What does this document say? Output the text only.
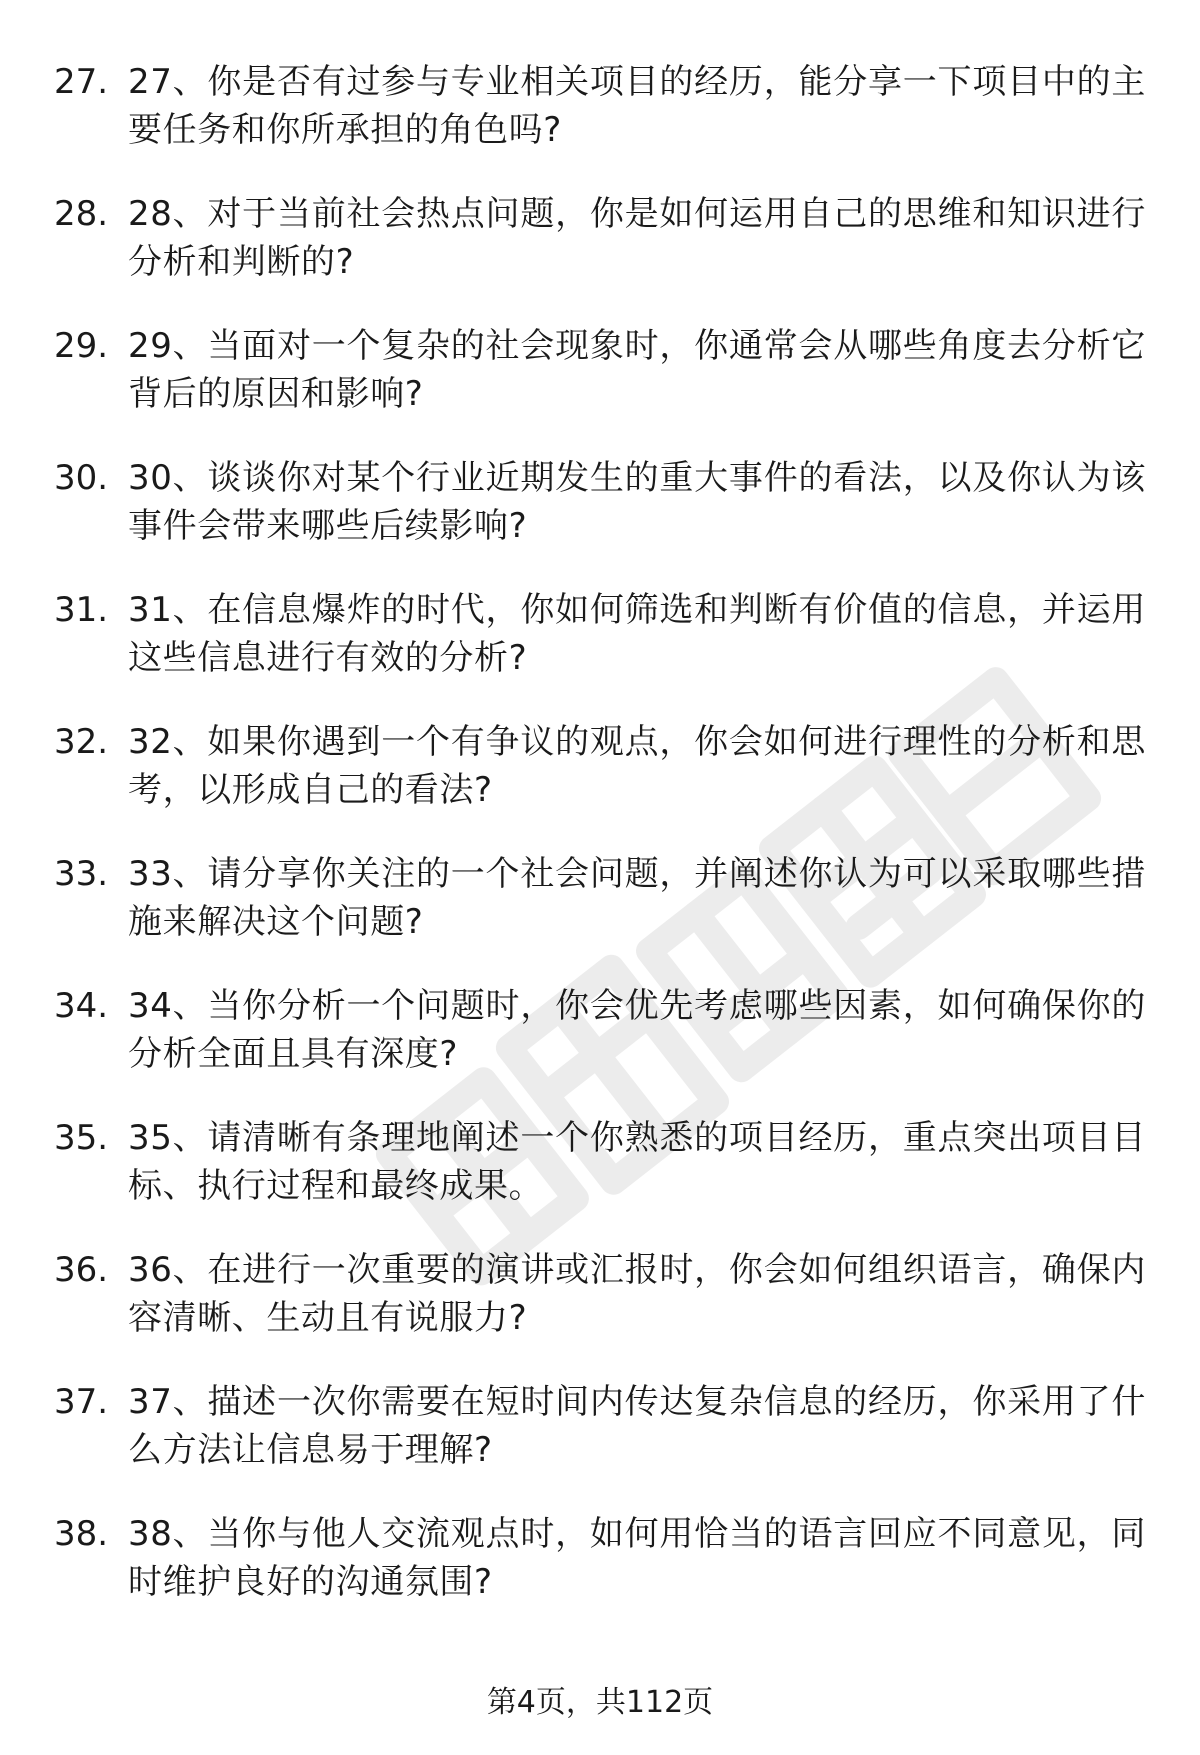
27. 27、你是否有过参与专业相关项目的经历，能分享一下项目中的主要任务和你所承担的角色吗?
28. 28、对于当前社会热点问题，你是如何运用自己的思维和知识进行分析和判断的?
29. 29、当面对一个复杂的社会现象时，你通常会从哪些角度去分析它背后的原因和影响?
30. 30、谈谈你对某个行业近期发生的重大事件的看法，以及你认为该事件会带来哪些后续影响?
31. 31、在信息爆炸的时代，你如何筛选和判断有价值的信息，并运用这些信息进行有效的分析?
32. 32、如果你遇到一个有争议的观点，你会如何进行理性的分析和思考，以形成自己的看法?
33. 33、请分享你关注的一个社会问题，并阐述你认为可以采取哪些措施来解决这个问题?
34. 34、当你分析一个问题时，你会优先考虑哪些因素，如何确保你的分析全面且具有深度?
35. 35、请清晰有条理地阐述一个你熟悉的项目经历，重点突出项目目标、执行过程和最终成果。
36. 36、在进行一次重要的演讲或汇报时，你会如何组织语言，确保内容清晰、生动且有说服力?
37. 37、描述一次你需要在短时间内传达复杂信息的经历，你采用了什么方法让信息易于理解?
38. 38、当你与他人交流观点时，如何用恰当的语言回应不同意见，同时维护良好的沟通氛围?
第4页，共112页
